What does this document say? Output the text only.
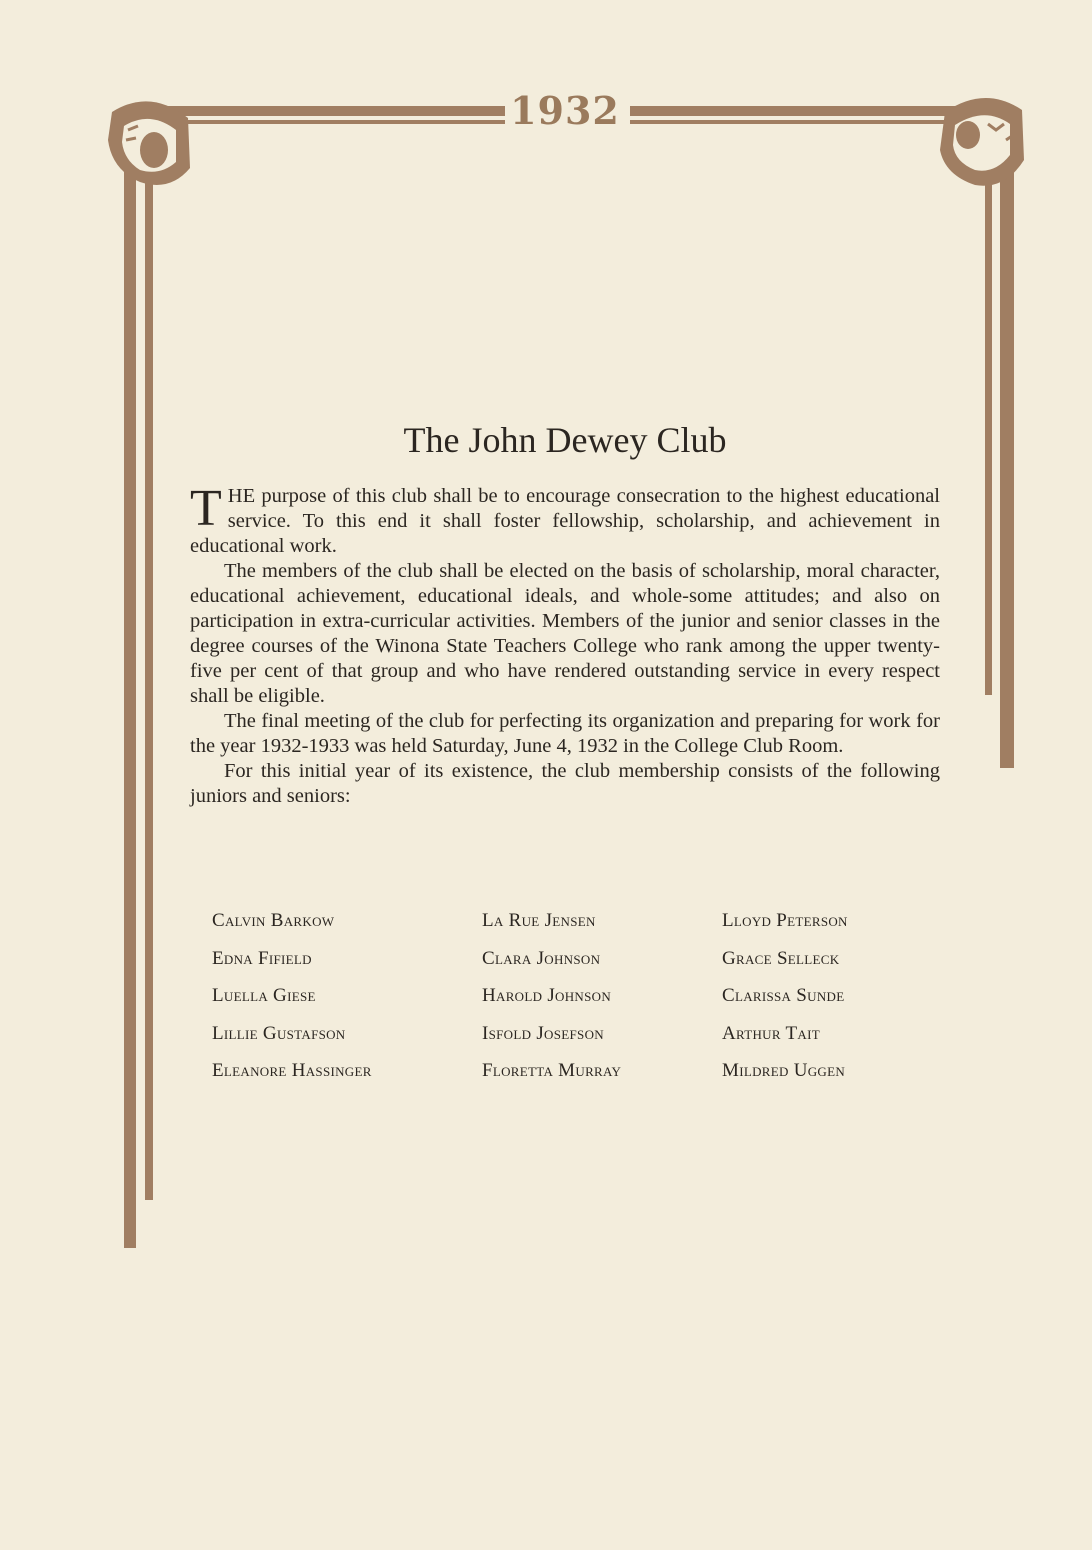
1932
The John Dewey Club

THE purpose of this club shall be to encourage consecration to the highest educational service. To this end it shall foster fellowship, scholarship, and achievement in educational work.

The members of the club shall be elected on the basis of scholarship, moral character, educational achievement, educational ideals, and whole-some attitudes; and also on participation in extra-curricular activities. Members of the junior and senior classes in the degree courses of the Winona State Teachers College who rank among the upper twenty-five per cent of that group and who have rendered outstanding service in every respect shall be eligible.

The final meeting of the club for perfecting its organization and preparing for work for the year 1932-1933 was held Saturday, June 4, 1932 in the College Club Room.

For this initial year of its existence, the club membership consists of the following juniors and seniors:

Calvin Barkow	La Rue Jensen	Lloyd Peterson
Edna Fifield	Clara Johnson	Grace Selleck
Luella Giese	Harold Johnson	Clarissa Sunde
Lillie Gustafson	Isfold Josefson	Arthur Tait
Eleanore Hassinger	Floretta Murray	Mildred Uggen
